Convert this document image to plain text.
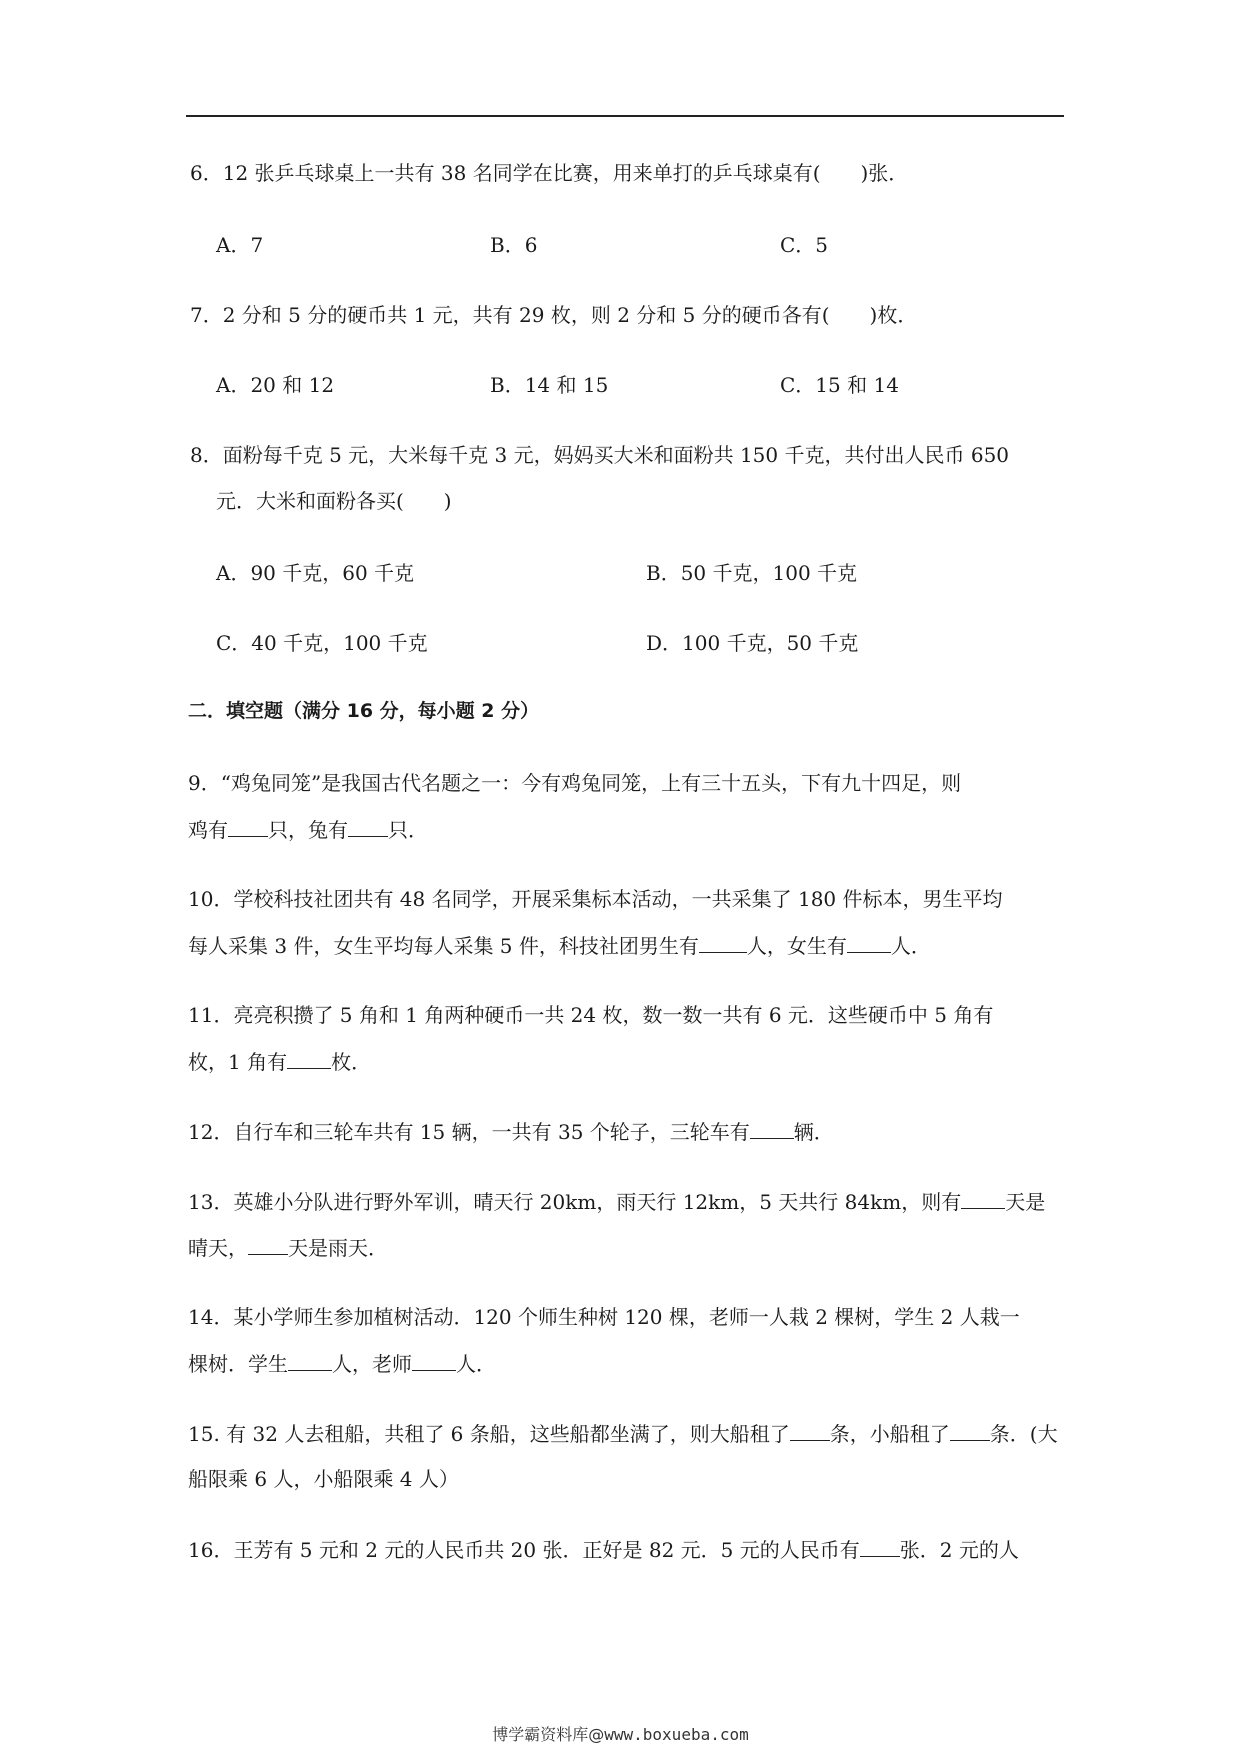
6．12 张乒乓球桌上一共有 38 名同学在比赛，用来单打的乒乓球桌有(　　)张．
A．7	B．6	C．5
7．2 分和 5 分的硬币共 1 元，共有 29 枚，则 2 分和 5 分的硬币各有(　　)枚．
A．20 和 12	B．14 和 15	C．15 和 14
8．面粉每千克 5 元，大米每千克 3 元，妈妈买大米和面粉共 150 千克，共付出人民币 650
元．大米和面粉各买(　　)
A．90 千克，60 千克	B．50 千克，100 千克
C．40 千克，100 千克	D．100 千克，50 千克
二．填空题（满分 16 分，每小题 2 分）
9．“鸡兔同笼”是我国古代名题之一：今有鸡兔同笼，上有三十五头，下有九十四足，则
鸡有 只，兔有 只．
10．学校科技社团共有 48 名同学，开展采集标本活动，一共采集了 180 件标本，男生平均
每人采集 3 件，女生平均每人采集 5 件，科技社团男生有 人，女生有 人．
11．亮亮积攒了 5 角和 1 角两种硬币一共 24 枚，数一数一共有 6 元．这些硬币中 5 角有
枚，1 角有 枚．
12．自行车和三轮车共有 15 辆，一共有 35 个轮子，三轮车有 辆．
13．英雄小分队进行野外军训，晴天行 20km，雨天行 12km，5 天共行 84km，则有 天是
晴天， 天是雨天．
14．某小学师生参加植树活动．120 个师生种树 120 棵，老师一人栽 2 棵树，学生 2 人栽一
棵树．学生 人，老师 人．
15. 有 32 人去租船，共租了 6 条船，这些船都坐满了，则大船租了 条，小船租了 条．(大
船限乘 6 人，小船限乘 4 人）
16．王芳有 5 元和 2 元的人民币共 20 张．正好是 82 元．5 元的人民币有 张．2 元的人
博学霸资料库@www.boxueba.com
